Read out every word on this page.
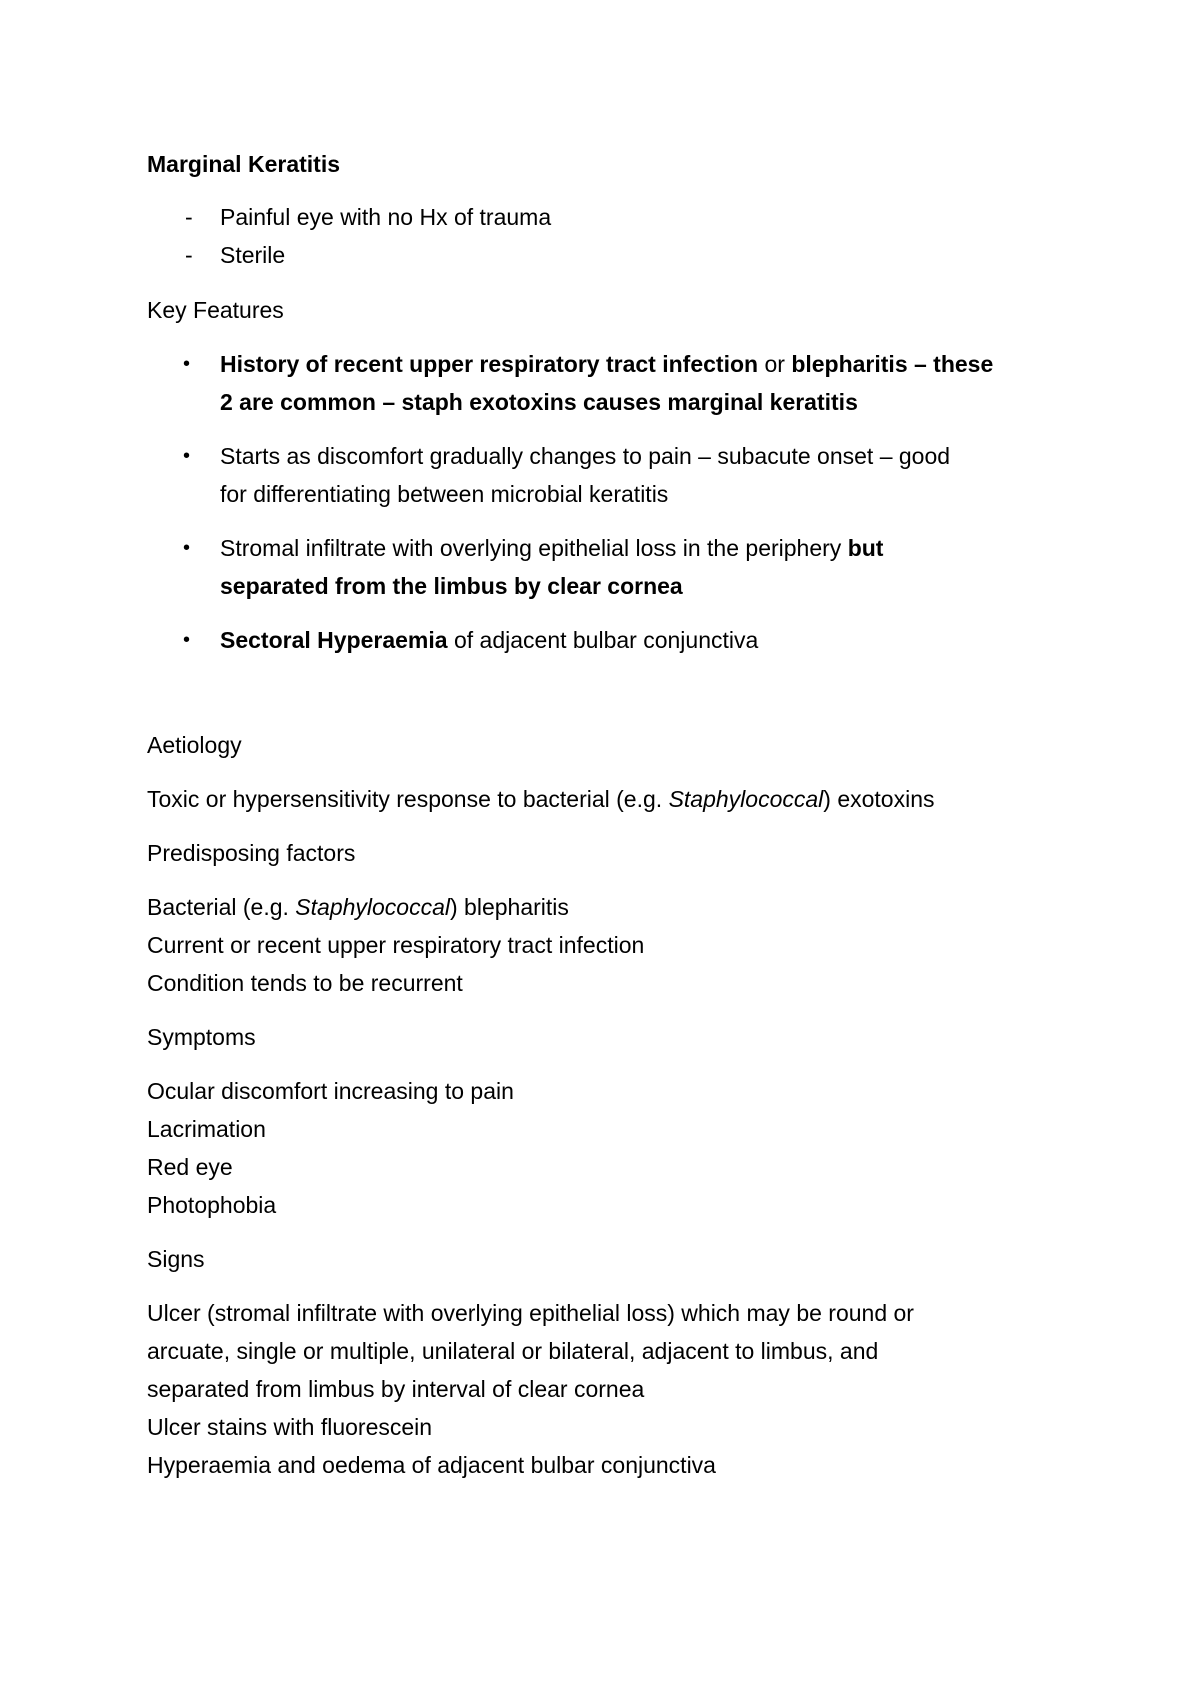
Marginal Keratitis
- Painful eye with no Hx of trauma
- Sterile
Key Features
• History of recent upper respiratory tract infection or blepharitis – these
2 are common – staph exotoxins causes marginal keratitis
• Starts as discomfort gradually changes to pain – subacute onset – good
for differentiating between microbial keratitis
• Stromal infiltrate with overlying epithelial loss in the periphery but
separated from the limbus by clear cornea
• Sectoral Hyperaemia of adjacent bulbar conjunctiva
Aetiology
Toxic or hypersensitivity response to bacterial (e.g. Staphylococcal) exotoxins
Predisposing factors
Bacterial (e.g. Staphylococcal) blepharitis
Current or recent upper respiratory tract infection
Condition tends to be recurrent
Symptoms
Ocular discomfort increasing to pain
Lacrimation
Red eye
Photophobia
Signs
Ulcer (stromal infiltrate with overlying epithelial loss) which may be round or
arcuate, single or multiple, unilateral or bilateral, adjacent to limbus, and
separated from limbus by interval of clear cornea
Ulcer stains with fluorescein
Hyperaemia and oedema of adjacent bulbar conjunctiva
